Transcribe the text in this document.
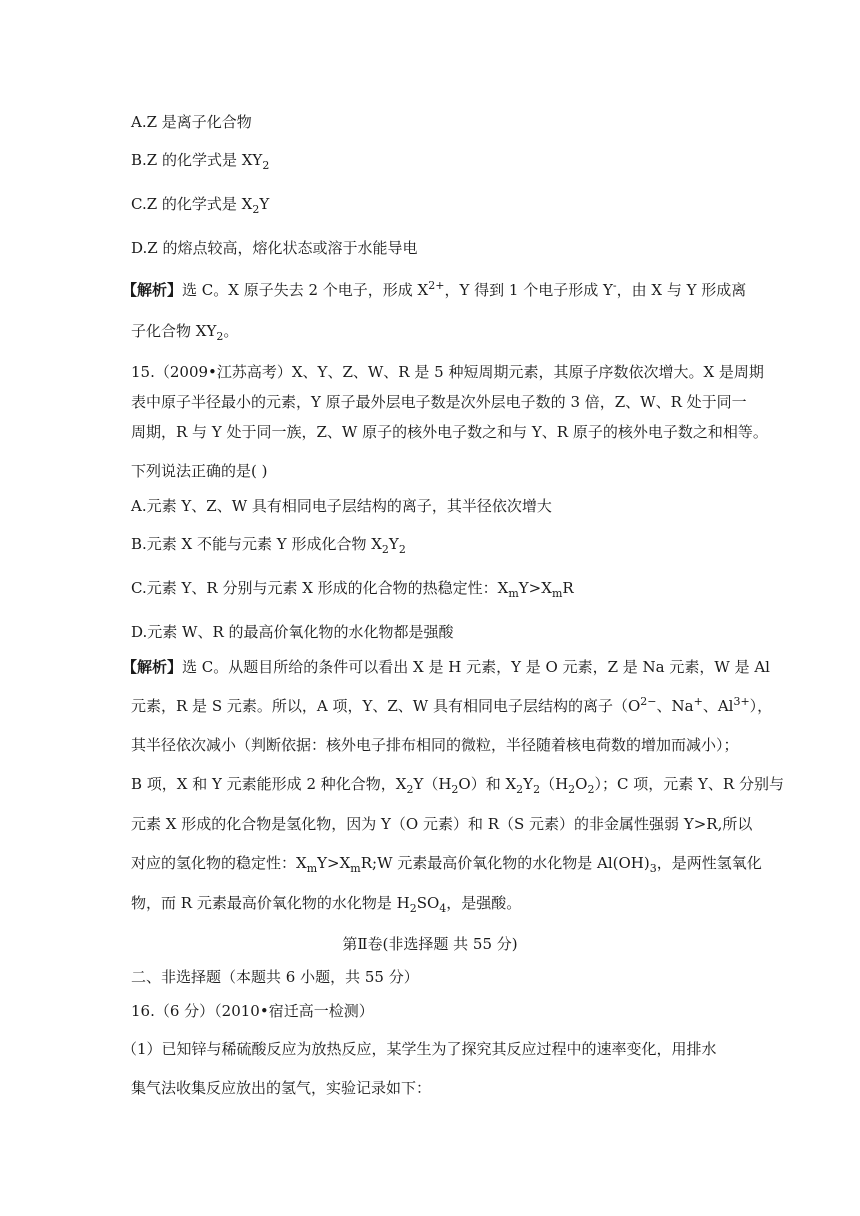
A.Z 是离子化合物
B.Z 的化学式是 $XY_2$
C.Z 的化学式是 $X_2Y$
D.Z 的熔点较高，熔化状态或溶于水能导电
【解析】选 C。X 原子失去 2 个电子，形成 $X^{2+}$，Y 得到 1 个电子形成 Y-，由 X 与 Y 形成离
子化合物 $XY_2$。
15.（2009•江苏高考）X、Y、Z、W、R 是 5 种短周期元素，其原子序数依次增大。X 是周期
表中原子半径最小的元素，Y 原子最外层电子数是次外层电子数的 3 倍，Z、W、R 处于同一
周期，R 与 Y 处于同一族，Z、W 原子的核外电子数之和与 Y、R 原子的核外电子数之和相等。
下列说法正确的是( )
A.元素 Y、Z、W 具有相同电子层结构的离子，其半径依次增大
B.元素 X 不能与元素 Y 形成化合物 $X_2Y_2$
C.元素 Y、R 分别与元素 X 形成的化合物的热稳定性：$X_mY>X_mR$
D.元素 W、R 的最高价氧化物的水化物都是强酸
【解析】选 C。从题目所给的条件可以看出 X 是 H 元素，Y 是 O 元素，Z 是 Na 元素，W 是 Al
元素，R 是 S 元素。所以，A 项，Y、Z、W 具有相同电子层结构的离子（$O^{2-}$、Na+、$Al^{3+}$），
其半径依次减小（判断依据：核外电子排布相同的微粒，半径随着核电荷数的增加而减小）；
B 项，X 和 Y 元素能形成 2 种化合物，$X_2Y(H_2O)$和 $X_2Y_2(H_2O_2)$；C 项，元素 Y、R 分别与
元素 X 形成的化合物是氢化物，因为 Y（O 元素）和 R（S 元素）的非金属性强弱 Y>R,所以
对应的氢化物的稳定性：$X_mY>X_mR;W$ 元素最高价氧化物的水化物是 $Al(OH)_3$，是两性氢氧化
物，而 R 元素最高价氧化物的水化物是 $H_2SO_4$，是强酸。
第Ⅱ卷(非选择题 共 55 分)
二、非选择题（本题共 6 小题，共 55 分）
16.（6 分）（2010•宿迁高一检测）
（1）已知锌与稀硫酸反应为放热反应，某学生为了探究其反应过程中的速率变化，用排水
集气法收集反应放出的氢气，实验记录如下：
